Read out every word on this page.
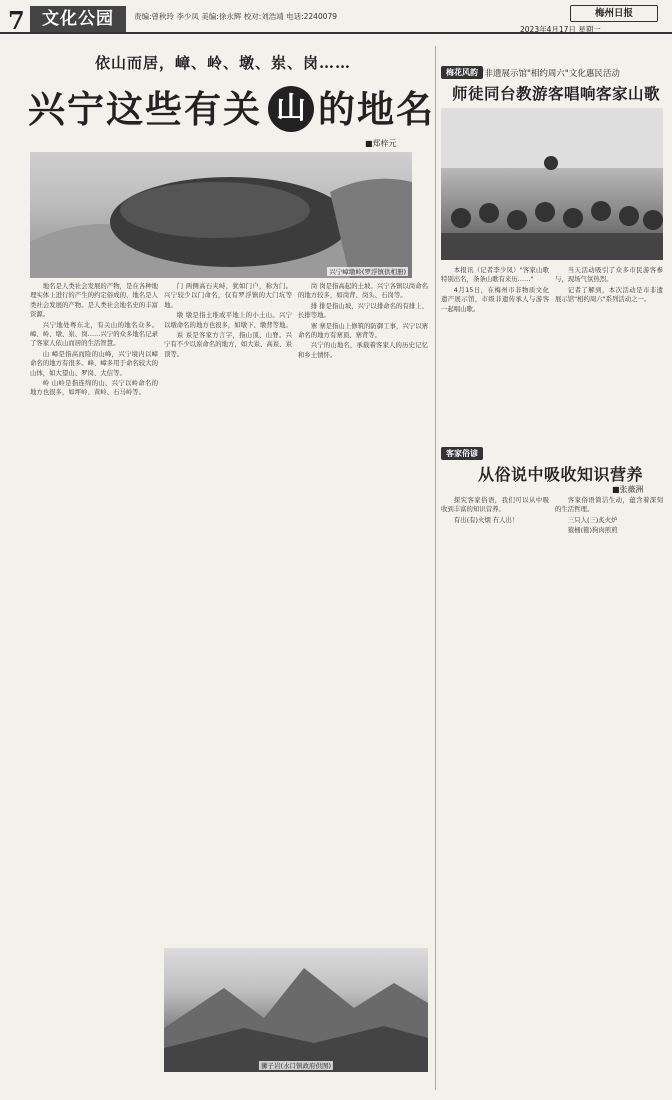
7	文化公园	责编:曾秋玲 李少凤 美编:徐永辉 校对:刘浩靖 电话:2240079	梅州日报
2023年4月17日 星期一
依山而居，嶂、岭、墩、岽、岗……
兴宁这些有关 山 的地名
■郑梓元
兴宁嶂墩岭(罗浮镇供相册)

地名是人类社会发展的产物，是在各种地理实体上进行的产生的约定俗成的，地名是人类社会发展的产物。是人类社会地名史的丰富资源。

兴宁地处粤东北，有关山的地名众多。嶂、岭、墩、岽、岗……兴宁的众多地名记录了客家人依山而居的生活智慧。

山 嶂是指高而险的山峰，兴宁境内以嶂命名的地方有很多。峰、嶂多用于命名较大的山体，如大望山、罗岗、大信等。

岭 山岭是指连绵的山，兴宁以岭命名的地方也很多，如坪岭、黄岭、石马岭等。

门 两侧高石夹峙，犹如门户，称为门。兴宁较少以门命名，仅有罗浮镇的大门坑等地。

墩 墩是指土堆或平地上的小土山。兴宁以墩命名的地方也很多，如墩下、墩背等地。

岽 岽是客家方言字，指山顶、山脊。兴宁有不少以岽命名的地方，如大岽、高岽、岽顶等。

岗 岗是指高起的土坡。兴宁各镇以岗命名的地方较多，如岗背、岗头、石岗等。

排 排是指山坡，兴宁以排命名的有排上、长排等地。

寨 寨是指山上修筑的防御工事，兴宁以寨命名的地方有寨顶、寨背等。

兴宁的山地名，承载着客家人的历史记忆和乡土情怀。

狮子岩(水口镇政府供图)
梅花风韵
市非遗展示馆"相约周六"文化惠民活动
师徒同台教游客唱响客家山歌

本报讯（记者李少凤）"客家山歌特别出名，条条山歌有来历……"

4月15日，在梅州市非物质文化遗产展示馆，市级非遗传承人与游客一起唱山歌。

当天活动吸引了众多市民游客参与，现场气氛热烈。

记者了解到，本次活动是市非遗展示馆"相约周六"系列活动之一。

客家俗谚
从俗说中吸收知识营养
■张薇洲

探究客家俗语，我们可以从中吸收到丰富的知识营养。

有出(有)火烟 冇人出！

客家俗语简洁生动，蕴含着深刻的生活哲理。

三只人(三)炙火炉

箍桶(箍)狗肉煎煎
